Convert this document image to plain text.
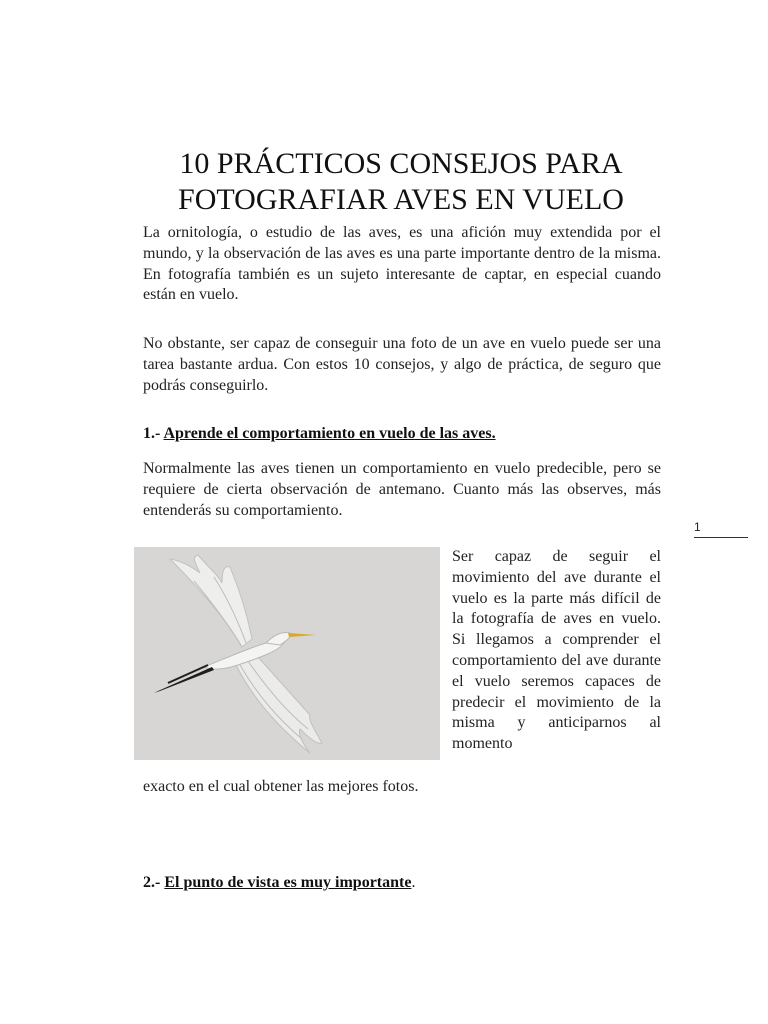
10 PRÁCTICOS CONSEJOS PARA
FOTOGRAFIAR AVES EN VUELO

La ornitología, o estudio de las aves, es una afición muy extendida por el mundo, y la observación de las aves es una parte importante dentro de la misma. En fotografía también es un sujeto interesante de captar, en especial cuando están en vuelo.

No obstante, ser capaz de conseguir una foto de un ave en vuelo puede ser una tarea bastante ardua. Con estos 10 consejos, y algo de práctica, de seguro que podrás conseguirlo.

1.- Aprende el comportamiento en vuelo de las aves.

Normalmente las aves tienen un comportamiento en vuelo predecible, pero se requiere de cierta observación de antemano. Cuanto más las observes, más entenderás su comportamiento.

1

Ser capaz de seguir el movimiento del ave durante el vuelo es la parte más difícil de la fotografía de aves en vuelo. Si llegamos a comprender el comportamiento del ave durante el vuelo seremos capaces de predecir el movimiento de la misma y anticiparnos al momento

exacto en el cual obtener las mejores fotos.

2.- El punto de vista es muy importante.
